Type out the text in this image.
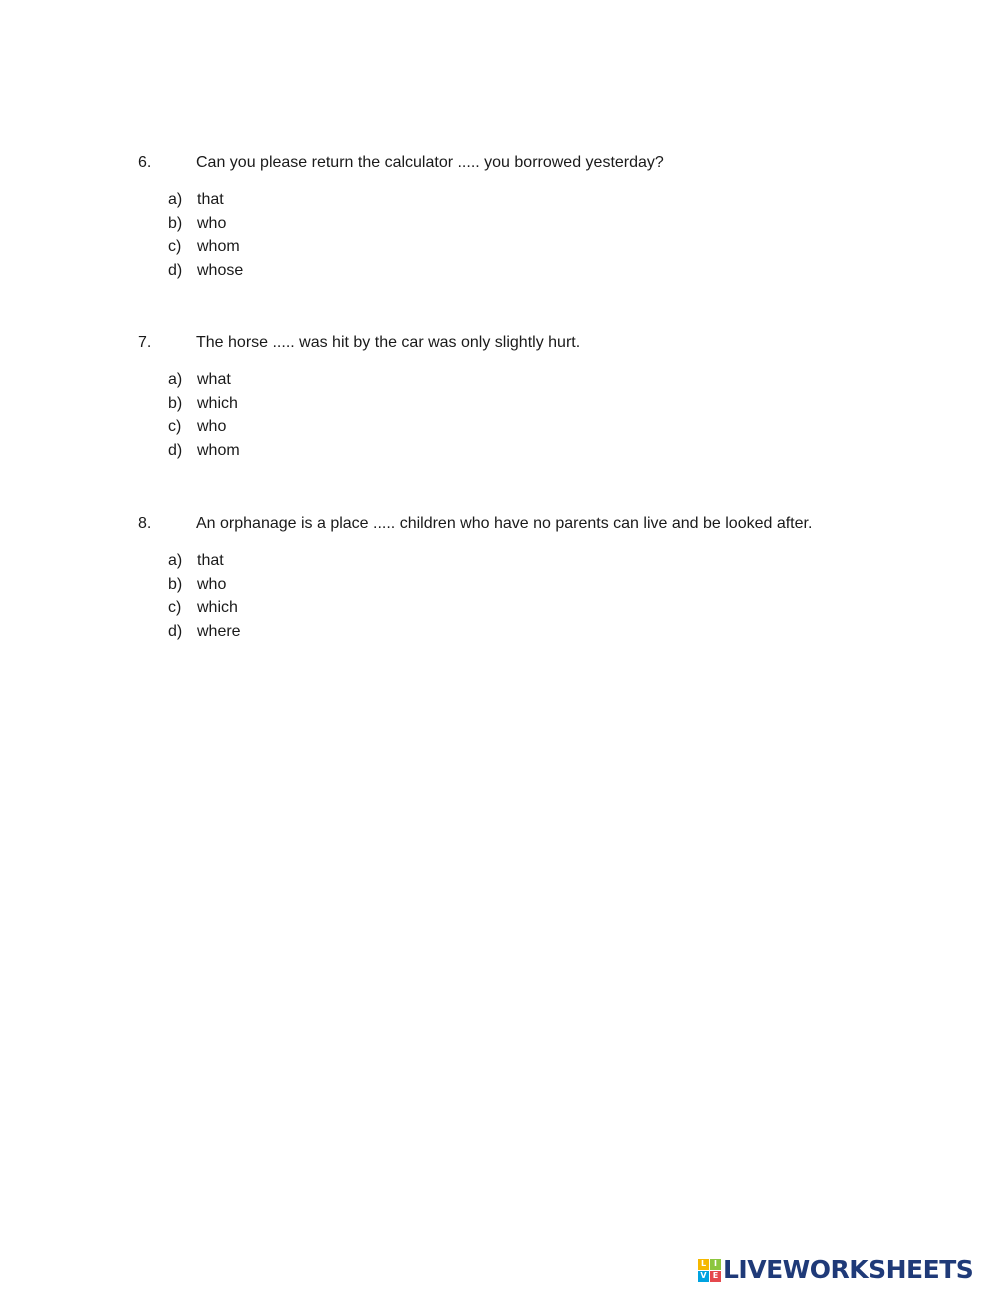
6.	Can you please return the calculator ..... you borrowed yesterday?
a) that
b) who
c) whom
d) whose
7.	The horse ..... was hit by the car was only slightly hurt.
a) what
b) which
c) who
d) whom
8.	An orphanage is a place ..... children who have no parents can live and be looked after.
a) that
b) who
c) which
d) where
L I
V E LIVEWORKSHEETS
